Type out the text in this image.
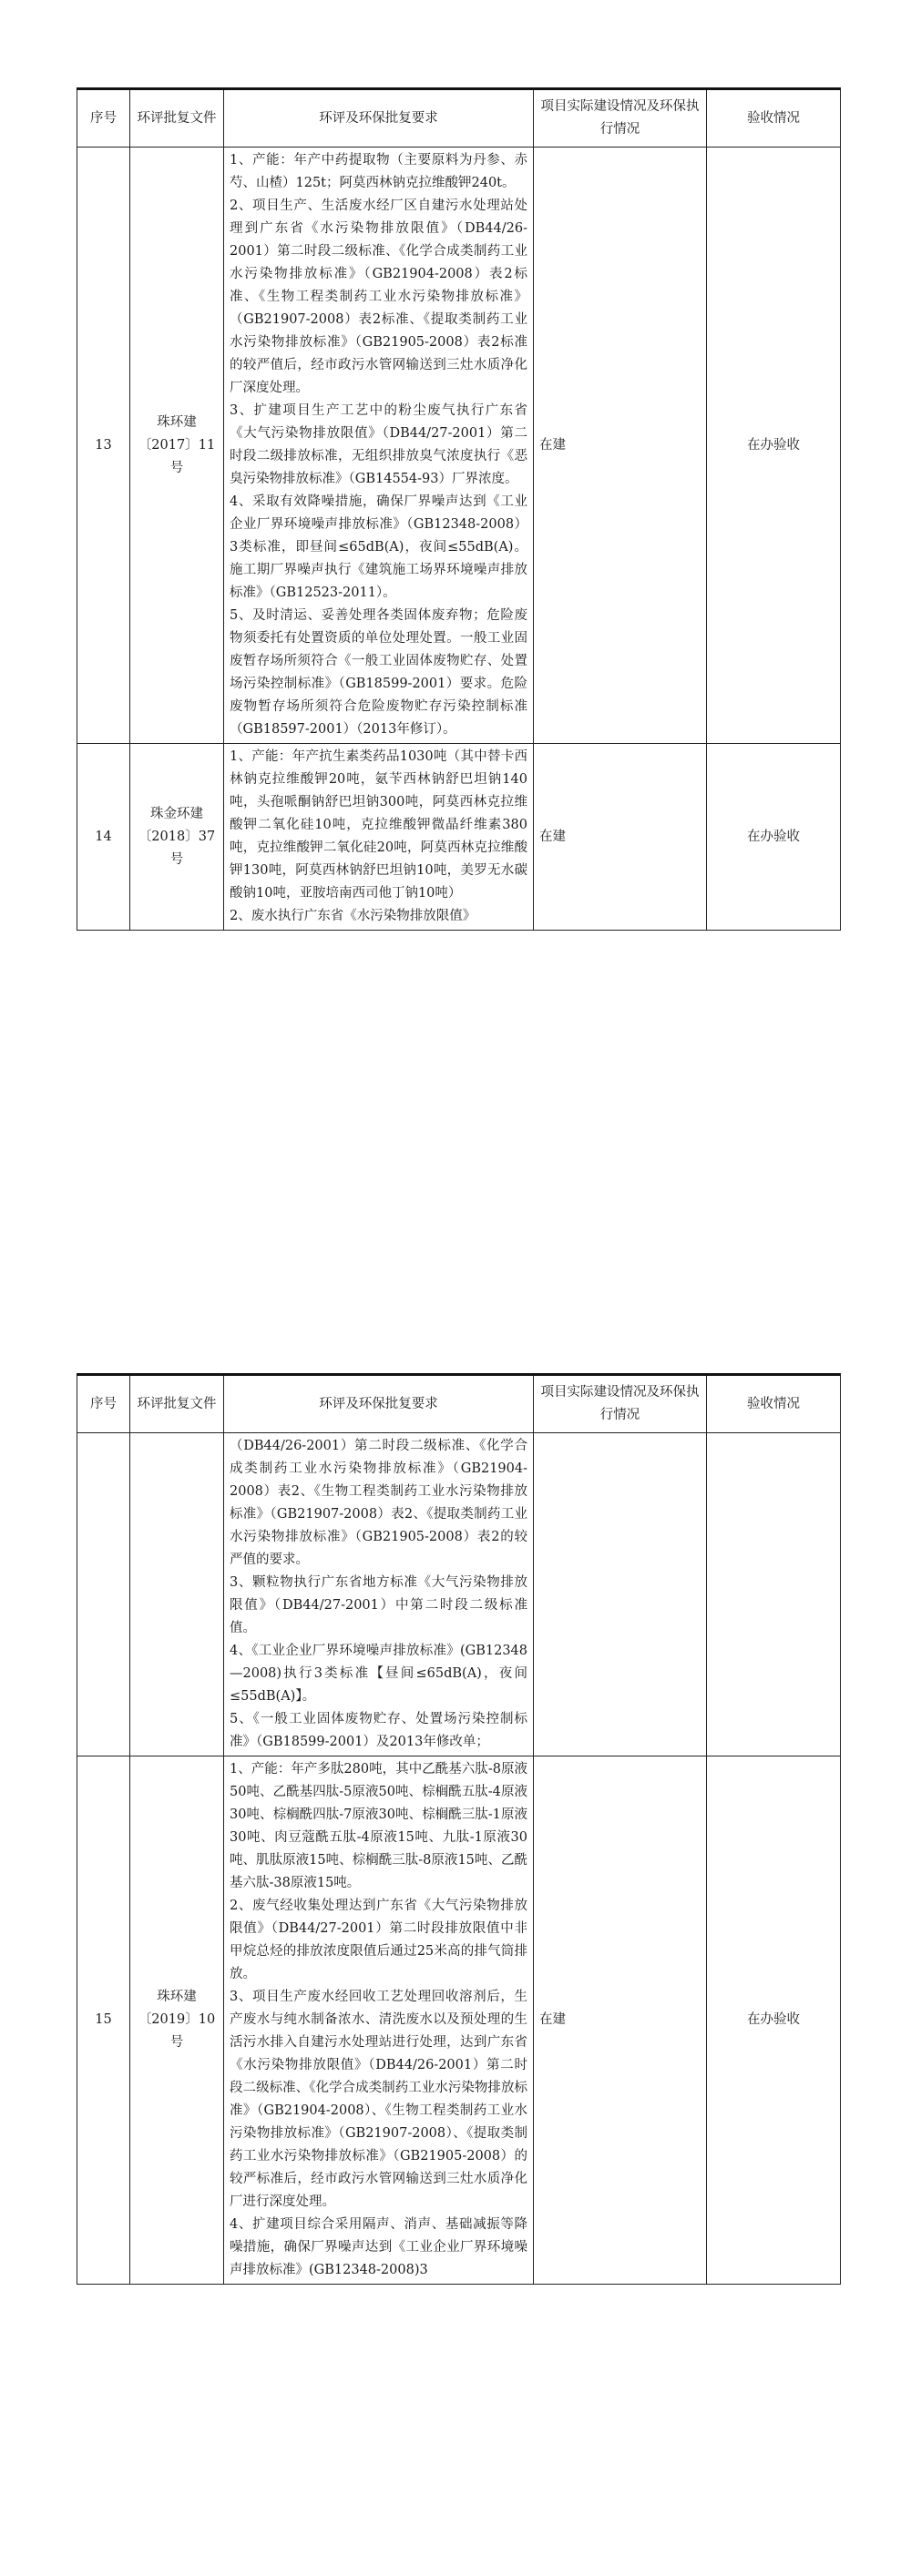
序号	环评批复文件	环评及环保批复要求	项目实际建设情况及环保执行情况	验收情况
13	珠环建〔2017〕11号	1、产能：年产中药提取物（主要原料为丹参、赤芍、山楂）125t；阿莫西林钠克拉维酸钾240t。

2、项目生产、生活废水经厂区自建污水处理站处理到广东省《水污染物排放限值》（DB44/26-2001）第二时段二级标准、《化学合成类制药工业水污染物排放标准》（GB21904-2008）表2标准、《生物工程类制药工业水污染物排放标准》（GB21907-2008）表2标准、《提取类制药工业水污染物排放标准》（GB21905-2008）表2标准的较严值后，经市政污水管网输送到三灶水质净化厂深度处理。

3、扩建项目生产工艺中的粉尘废气执行广东省《大气污染物排放限值》（DB44/27-2001）第二时段二级排放标准，无组织排放臭气浓度执行《恶臭污染物排放标准》（GB14554-93）厂界浓度。

4、采取有效降噪措施，确保厂界噪声达到《工业企业厂界环境噪声排放标准》（GB12348-2008）3类标准，即昼间≤65dB(A)，夜间≤55dB(A)。施工期厂界噪声执行《建筑施工场界环境噪声排放标准》（GB12523-2011）。

5、及时清运、妥善处理各类固体废弃物；危险废物须委托有处置资质的单位处理处置。一般工业固废暂存场所须符合《一般工业固体废物贮存、处置场污染控制标准》（GB18599-2001）要求。危险废物暂存场所须符合危险废物贮存污染控制标准（GB18597-2001）（2013年修订）。	在建	在办验收
14	珠金环建〔2018〕37号	1、产能：年产抗生素类药品1030吨（其中替卡西林钠克拉维酸钾20吨，氨苄西林钠舒巴坦钠140吨，头孢哌酮钠舒巴坦钠300吨，阿莫西林克拉维酸钾二氧化硅10吨，克拉维酸钾微晶纤维素380吨，克拉维酸钾二氧化硅20吨，阿莫西林克拉维酸钾130吨，阿莫西林钠舒巴坦钠10吨，美罗无水碳酸钠10吨，亚胺培南西司他丁钠10吨）

2、废水执行广东省《水污染物排放限值》	在建	在办验收
序号	环评批复文件	环评及环保批复要求	项目实际建设情况及环保执行情况	验收情况

		（DB44/26-2001）第二时段二级标准、《化学合成类制药工业水污染物排放标准》（GB21904-2008）表2、《生物工程类制药工业水污染物排放标准》（GB21907-2008）表2、《提取类制药工业水污染物排放标准》（GB21905-2008）表2的较严值的要求。

3、颗粒物执行广东省地方标准《大气污染物排放限值》（DB44/27-2001）中第二时段二级标准值。

4、《工业企业厂界环境噪声排放标准》(GB12348—2008)执行3类标准【昼间≤65dB(A)，夜间≤55dB(A)】。

5、《一般工业固体废物贮存、处置场污染控制标准》（GB18599-2001）及2013年修改单；		

15	珠环建〔2019〕10号	1、产能：年产多肽280吨，其中乙酰基六肽-8原液50吨、乙酰基四肽-5原液50吨、棕榈酰五肽-4原液30吨、棕榈酰四肽-7原液30吨、棕榈酰三肽-1原液30吨、肉豆蔻酰五肽-4原液15吨、九肽-1原液30吨、肌肽原液15吨、棕榈酰三肽-8原液15吨、乙酰基六肽-38原液15吨。

2、废气经收集处理达到广东省《大气污染物排放限值》（DB44/27-2001）第二时段排放限值中非甲烷总烃的排放浓度限值后通过25米高的排气筒排放。

3、项目生产废水经回收工艺处理回收溶剂后，生产废水与纯水制备浓水、清洗废水以及预处理的生活污水排入自建污水处理站进行处理，达到广东省《水污染物排放限值》（DB44/26-2001）第二时段二级标准、《化学合成类制药工业水污染物排放标准》（GB21904-2008）、《生物工程类制药工业水污染物排放标准》（GB21907-2008）、《提取类制药工业水污染物排放标准》（GB21905-2008）的较严标准后，经市政污水管网输送到三灶水质净化厂进行深度处理。

4、扩建项目综合采用隔声、消声、基础减振等降噪措施，确保厂界噪声达到《工业企业厂界环境噪声排放标准》(GB12348-2008)3	在建	在办验收
